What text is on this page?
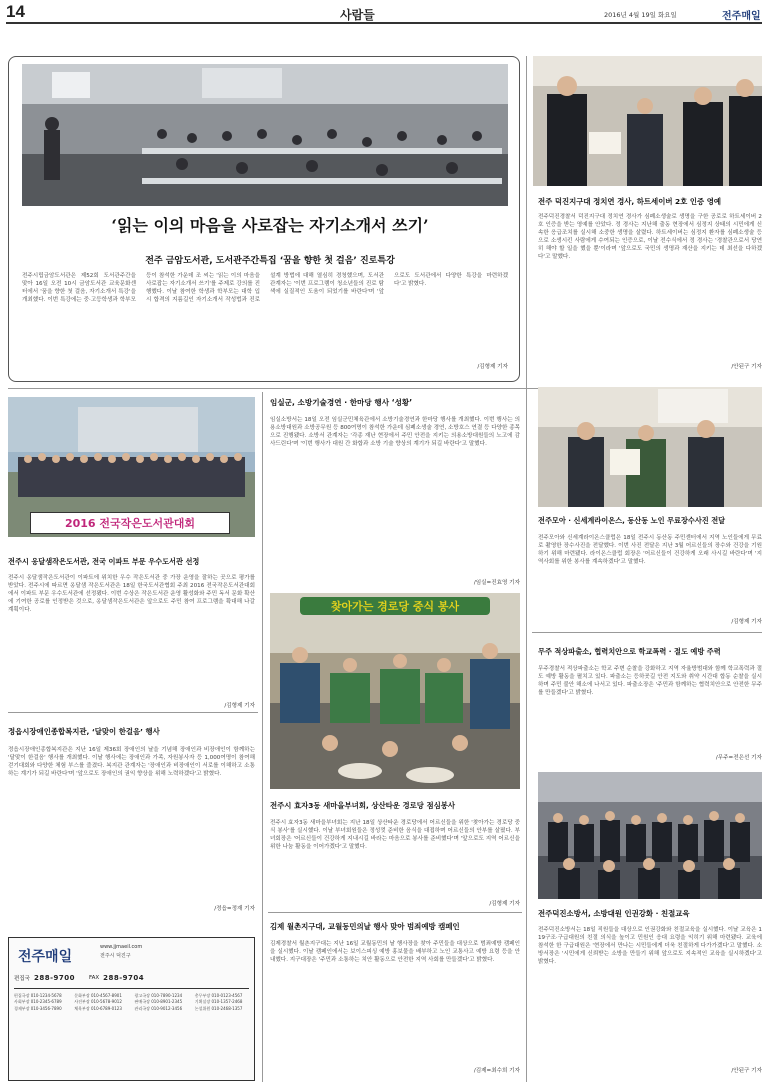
14	사람들	2016년 4월 19일 화요일	전주매일
‘읽는 이의 마음을 사로잡는 자기소개서 쓰기’
전주 금암도서관, 도서관주간특집 ‘꿈을 향한 첫 걸음’ 진로특강
전주시립금암도서관은 제52회 도서관주간을 맞아 16일 오전 10시 금암도서관 교육문화센터에서 '꿈을 향한 첫 걸음, 자기소개서 특강'을 개최했다. 이번 특강에는 중·고등학생과 학부모 등이 참석한 가운데 조 씨는 '읽는 이의 마음을 사로잡는 자기소개서 쓰기'를 주제로 강의를 진행했다. 이날 참여한 학생과 학부모는 대학 입시 합격의 지름길인 자기소개서 작성법과 진로 설계 방법에 대해 열심히 경청했으며, 도서관 관계자는 '이번 프로그램이 청소년들의 진로 탐색에 실질적인 도움이 되었기를 바란다'며 '앞으로도 도서관에서 다양한 특강을 마련하겠다'고 밝혔다.
/김형제 기자
전주 덕진지구대 정치연 경사, 하트세이버 2호 인증 영예
전주덕진경찰서 덕진지구대 정치연 경사가 심폐소생술로 생명을 구한 공로로 하트세이버 2호 인증을 받는 영예를 안았다. 정 경사는 지난해 출동 현장에서 심정지 상태의 시민에게 신속한 응급조치를 실시해 소중한 생명을 살렸다. 하트세이버는 심정지 환자를 심폐소생술 등으로 소생시킨 사람에게 수여되는 인증으로, 이날 전수식에서 정 경사는 '경찰관으로서 당연히 해야 할 일을 했을 뿐'이라며 '앞으로도 국민의 생명과 재산을 지키는 데 최선을 다하겠다'고 말했다.
/안된구 기자
2016 전국작은도서관대회
전주시 옹달샘작은도서관, 전국 이파트 부문 우수도서관 선정
전주시 옹달샘작은도서관이 이파트에 위치한 우수 작은도서관 중 가장 운영을 잘하는 곳으로 평가를 받았다. 전주시에 따르면 옹달샘 작은도서관은 18일 한국도서관협회 주최 2016 전국작은도서관대회에서 이파트 부문 우수도서관에 선정됐다. 이번 수상은 작은도서관 운영 활성화와 주민 독서 문화 확산에 기여한 공로를 인정받은 것으로, 옹달샘작은도서관은 앞으로도 주민 참여 프로그램을 확대해 나갈 계획이다.
/김형제 기자
정읍시장애인종합복지관, ‘달맞이 한걸음’ 행사
정읍시장애인종합복지관은 지난 16일 제36회 장애인의 날을 기념해 장애인과 비장애인이 함께하는 '달맞이 한걸음' 행사를 개최했다. 이날 행사에는 장애인과 가족, 자원봉사자 등 1,000여명이 참여해 걷기대회와 다양한 체험 부스를 즐겼다. 복지관 관계자는 '장애인과 비장애인이 서로를 이해하고 소통하는 계기가 되길 바란다'며 '앞으로도 장애인의 권익 향상을 위해 노력하겠다'고 밝혔다.
/정읍=정재 기자
전주매일
www.jjmaeil.com
전주시 덕진구
편집국 288-9700	FAX 288-9704
편집국장 010-1234-5678
사회부장 010-2345-6789
경제부장 010-3456-7890
문화부장 010-4567-8901
사진부장 010-5678-9012
체육부장 010-6789-0123
광고국장 010-7890-1234
판매국장 010-8901-2345
관리국장 010-9012-3456
총무부장 010-0123-4567
기획실장 010-1357-2468
논설위원 010-2468-1357
임실군, 소방기술경연 · 한마당 행사 ‘성황’
임실소방서는 18일 오전 임실군민체육관에서 소방기술경연과 한마당 행사를 개최했다. 이번 행사는 의용소방대원과 소방공무원 등 800여명이 참석한 가운데 심폐소생술 경연, 소방호스 연결 등 다양한 종목으로 진행됐다. 소방서 관계자는 '각종 재난 현장에서 주민 안전을 지키는 의용소방대원들의 노고에 감사드린다'며 '이번 행사가 대원 간 화합과 소방 기술 향상의 계기가 되길 바란다'고 말했다.
/임실=진효영 기자
찾아가는 경로당 중식 봉사
전주시 효자3동 새마을부녀회, 상산타운 경로당 점심봉사
전주시 효자3동 새마을부녀회는 지난 18일 상산타운 경로당에서 어르신들을 위한 '찾아가는 경로당 중식 봉사'를 실시했다. 이날 부녀회원들은 정성껏 준비한 음식을 대접하며 어르신들의 안부를 살폈다. 부녀회장은 '어르신들이 건강하게 지내시길 바라는 마음으로 봉사를 준비했다'며 '앞으로도 지역 어르신을 위한 나눔 활동을 이어가겠다'고 말했다.
/김형제 기자
김제 월촌지구대, 교월동민의날 행사 맞아 범죄예방 캠페인
김제경찰서 월촌지구대는 지난 16일 교월동민의 날 행사장을 찾아 주민들을 대상으로 범죄예방 캠페인을 실시했다. 이날 캠페인에서는 보이스피싱 예방 홍보물을 배부하고 노인 교통사고 예방 요령 등을 안내했다. 지구대장은 '주민과 소통하는 치안 활동으로 안전한 지역 사회를 만들겠다'고 밝혔다.
/김제=최수희 기자
전주모아 · 신세계라이온스, 동산동 노인 무료장수사진 전달
전주모아와 신세계라이온스클럽은 18일 전주시 동산동 주민센터에서 지역 노인들에게 무료로 촬영한 장수사진을 전달했다. 이번 사진 전달은 지난 3월 어르신들의 장수와 건강을 기원하기 위해 마련됐다. 라이온스클럽 회장은 '어르신들이 건강하게 오래 사시길 바란다'며 '지역사회를 위한 봉사를 계속하겠다'고 말했다.
/김형제 기자
무주 적상파출소, 협력치안으로 학교폭력 · 절도 예방 주력
무주경찰서 적상파출소는 학교 주변 순찰을 강화하고 지역 자율방범대와 함께 학교폭력과 절도 예방 활동을 펼치고 있다. 파출소는 등하굣길 안전 지도와 취약 시간대 합동 순찰을 실시하며 주민 불안 해소에 나서고 있다. 파출소장은 '주민과 함께하는 협력치안으로 안전한 무주를 만들겠다'고 밝혔다.
/무주=전은선 기자
전주덕진소방서, 소방대원 인권강화 · 친절교육
전주덕진소방서는 18일 직원들을 대상으로 인권강화와 친절교육을 실시했다. 이날 교육은 119구조·구급대원의 친절 의식을 높이고 민원인 응대 요령을 익히기 위해 마련됐다. 교육에 참석한 한 구급대원은 '현장에서 만나는 시민들에게 더욱 친절하게 다가가겠다'고 말했다. 소방서장은 '시민에게 신뢰받는 소방을 만들기 위해 앞으로도 지속적인 교육을 실시하겠다'고 밝혔다.
/안된구 기자
